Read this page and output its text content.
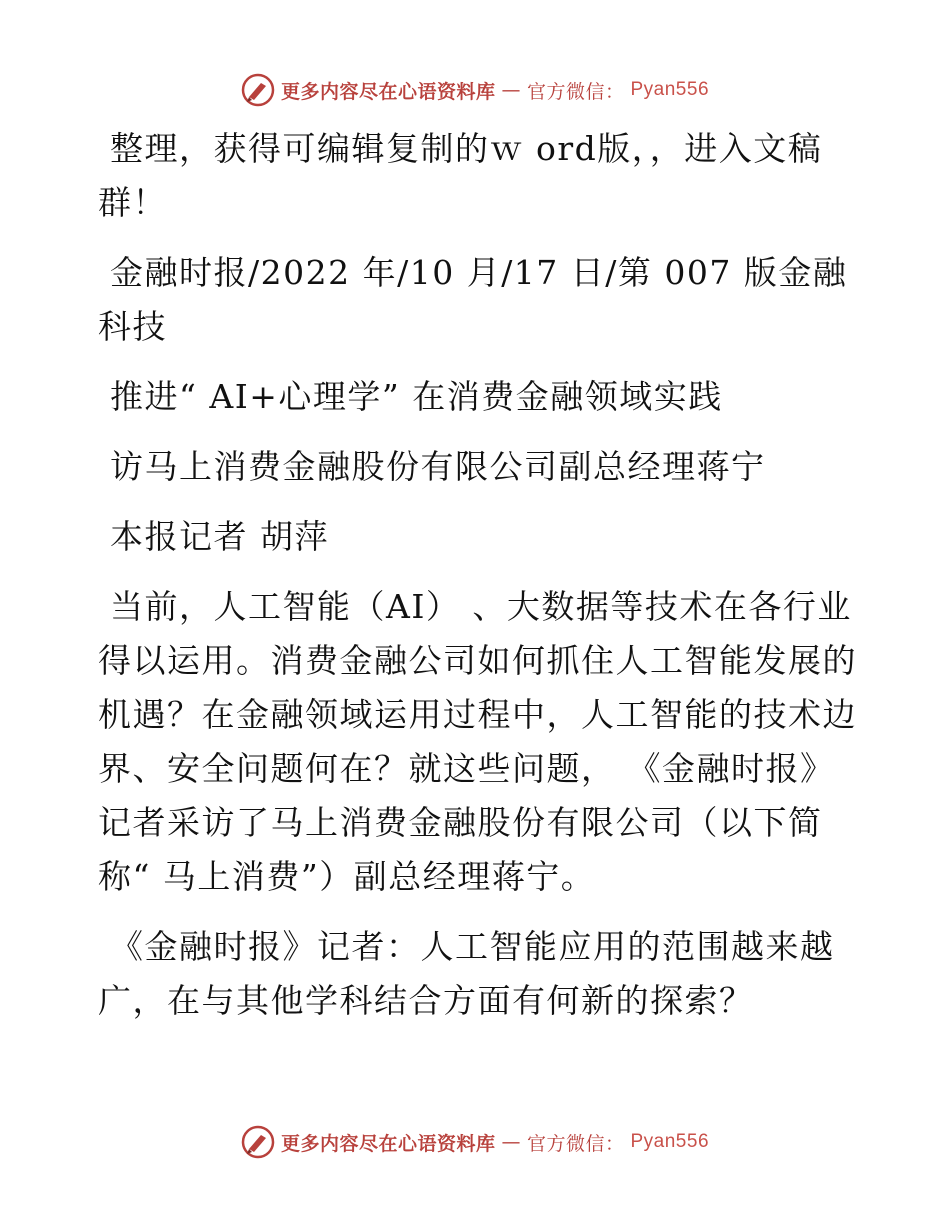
更多内容尽在心语资料库 — 官方微信： Pyan556

整理，获得可编辑复制的ｗ ord版，，进入文稿群！

金融时报/2022 年/10 月/17 日/第 007 版金融科技

推进“ AI+心理学” 在消费金融领域实践

访马上消费金融股份有限公司副总经理蒋宁

本报记者 胡萍

当前，人工智能（AI） 、大数据等技术在各行业得以运用。消费金融公司如何抓住人工智能发展的机遇？在金融领域运用过程中，人工智能的技术边界、安全问题何在？就这些问题， 《金融时报》记者采访了马上消费金融股份有限公司（以下简称“ 马上消费”）副总经理蒋宁。

《金融时报》记者：人工智能应用的范围越来越广，在与其他学科结合方面有何新的探索？

更多内容尽在心语资料库 — 官方微信： Pyan556
